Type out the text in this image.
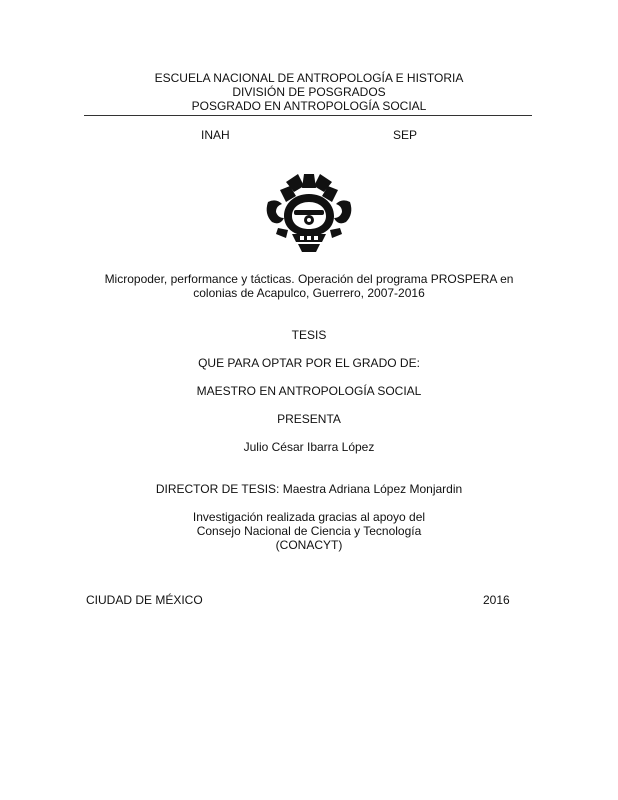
ESCUELA NACIONAL DE ANTROPOLOGÍA E HISTORIA
DIVISIÓN DE POSGRADOS
POSGRADO EN ANTROPOLOGÍA SOCIAL
INAH	SEP
Micropoder, performance y tácticas. Operación del programa PROSPERA en
colonias de Acapulco, Guerrero, 2007-2016
TESIS
QUE PARA OPTAR POR EL GRADO DE:
MAESTRO EN ANTROPOLOGÍA SOCIAL
PRESENTA
Julio César Ibarra López
DIRECTOR DE TESIS: Maestra Adriana López Monjardin
Investigación realizada gracias al apoyo del
Consejo Nacional de Ciencia y Tecnología
(CONACYT)
CIUDAD DE MÉXICO	2016
